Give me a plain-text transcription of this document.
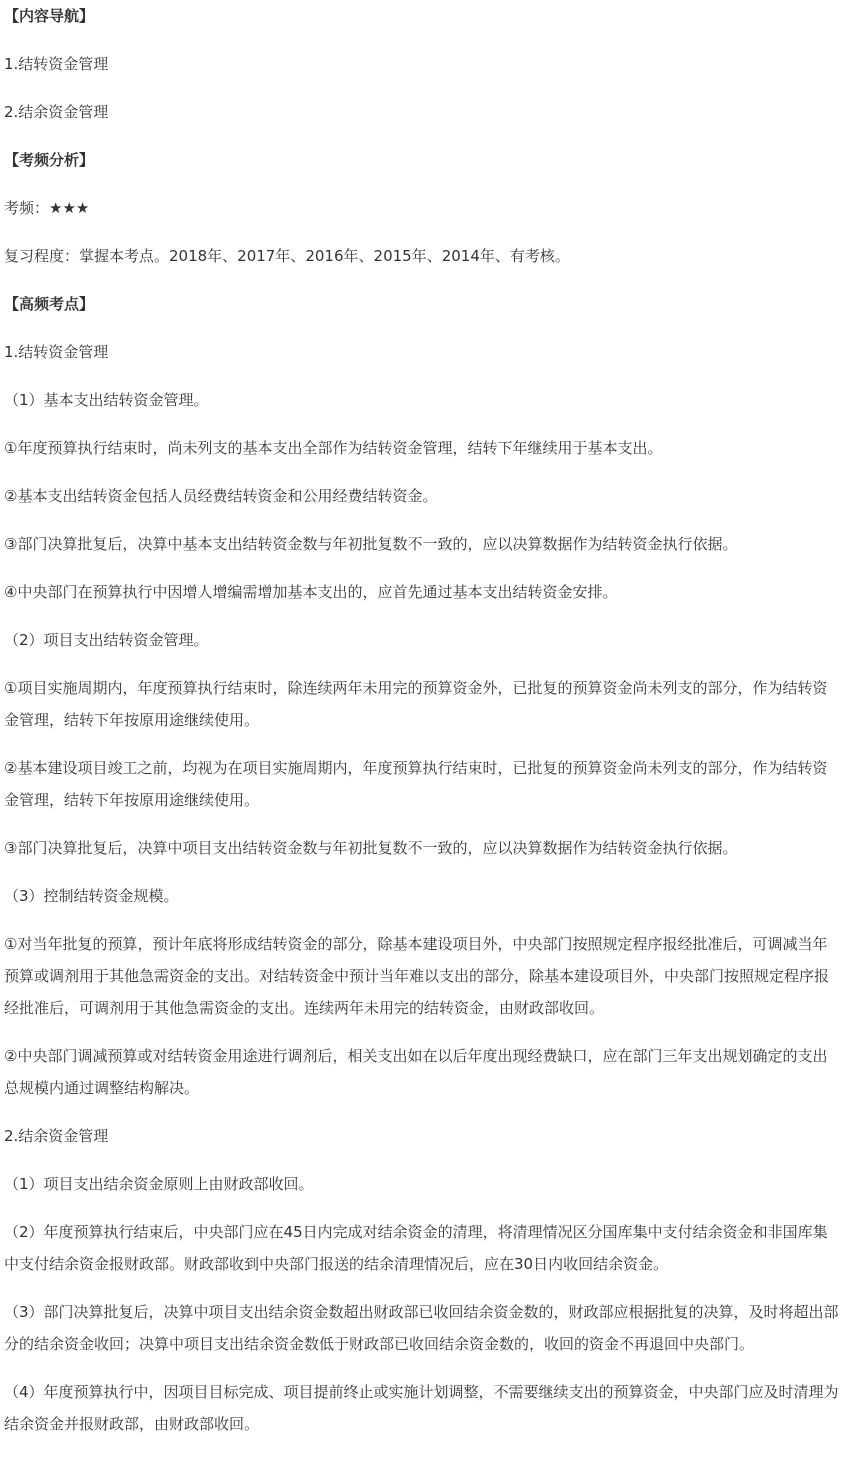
【内容导航】

1.结转资金管理

2.结余资金管理

【考频分析】

考频：★★★

复习程度：掌握本考点。2018年、2017年、2016年、2015年、2014年、有考核。

【高频考点】

1.结转资金管理

（1）基本支出结转资金管理。

①年度预算执行结束时，尚未列支的基本支出全部作为结转资金管理，结转下年继续用于基本支出。

②基本支出结转资金包括人员经费结转资金和公用经费结转资金。

③部门决算批复后，决算中基本支出结转资金数与年初批复数不一致的，应以决算数据作为结转资金执行依据。

④中央部门在预算执行中因增人增编需增加基本支出的，应首先通过基本支出结转资金安排。

（2）项目支出结转资金管理。

①项目实施周期内，年度预算执行结束时，除连续两年未用完的预算资金外，已批复的预算资金尚未列支的部分，作为结转资金管理，结转下年按原用途继续使用。

②基本建设项目竣工之前，均视为在项目实施周期内，年度预算执行结束时，已批复的预算资金尚未列支的部分，作为结转资金管理，结转下年按原用途继续使用。

③部门决算批复后，决算中项目支出结转资金数与年初批复数不一致的，应以决算数据作为结转资金执行依据。

（3）控制结转资金规模。

①对当年批复的预算，预计年底将形成结转资金的部分，除基本建设项目外，中央部门按照规定程序报经批准后，可调减当年预算或调剂用于其他急需资金的支出。对结转资金中预计当年难以支出的部分，除基本建设项目外，中央部门按照规定程序报经批准后，可调剂用于其他急需资金的支出。连续两年未用完的结转资金，由财政部收回。

②中央部门调减预算或对结转资金用途进行调剂后，相关支出如在以后年度出现经费缺口，应在部门三年支出规划确定的支出总规模内通过调整结构解决。

2.结余资金管理

（1）项目支出结余资金原则上由财政部收回。

（2）年度预算执行结束后，中央部门应在45日内完成对结余资金的清理，将清理情况区分国库集中支付结余资金和非国库集中支付结余资金报财政部。财政部收到中央部门报送的结余清理情况后，应在30日内收回结余资金。

（3）部门决算批复后，决算中项目支出结余资金数超出财政部已收回结余资金数的，财政部应根据批复的决算，及时将超出部分的结余资金收回；决算中项目支出结余资金数低于财政部已收回结余资金数的，收回的资金不再退回中央部门。

（4）年度预算执行中，因项目目标完成、项目提前终止或实施计划调整，不需要继续支出的预算资金，中央部门应及时清理为结余资金并报财政部，由财政部收回。
